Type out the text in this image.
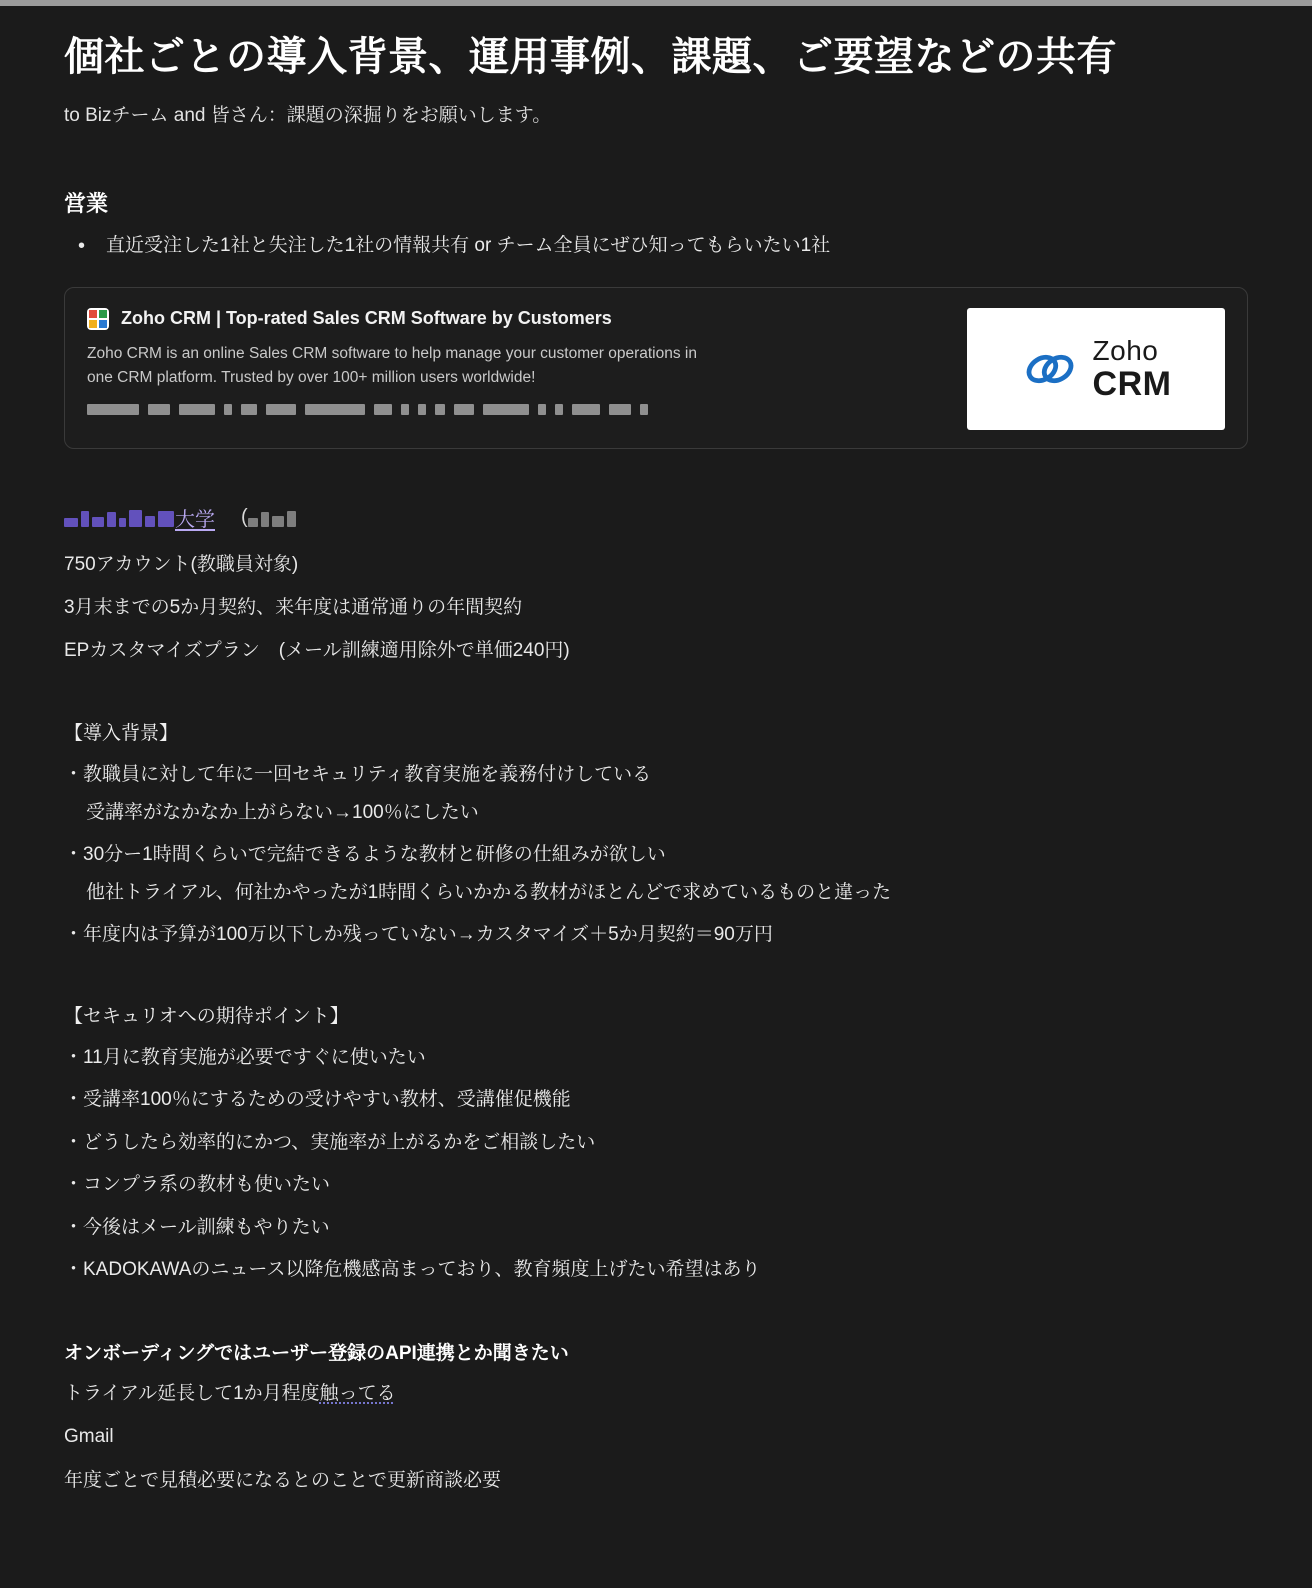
個社ごとの導入背景、運用事例、課題、ご要望などの共有

to Bizチーム and 皆さん：課題の深掘りをお願いします。

営業
• 直近受注した1社と失注した1社の情報共有 or チーム全員にぜひ知ってもらいたい1社
Zoho CRM | Top-rated Sales CRM Software by Customers
Zoho CRM is an online Sales CRM software to help manage your customer operations in one CRM platform. Trusted by over 100+ million users worldwide!
Zoho
CRM
大学 (

750アカウント(教職員対象)

3月末までの5か月契約、来年度は通常通りの年間契約

EPカスタマイズプラン　(メール訓練適用除外で単価240円)

【導入背景】
・教職員に対して年に一回セキュリティ教育実施を義務付けしている
受講率がなかなか上がらない→100％にしたい
・30分ー1時間くらいで完結できるような教材と研修の仕組みが欲しい
他社トライアル、何社かやったが1時間くらいかかる教材がほとんどで求めているものと違った
・年度内は予算が100万以下しか残っていない→カスタマイズ＋5か月契約＝90万円
【セキュリオへの期待ポイント】
・11月に教育実施が必要ですぐに使いたい
・受講率100％にするための受けやすい教材、受講催促機能
・どうしたら効率的にかつ、実施率が上がるかをご相談したい
・コンプラ系の教材も使いたい
・今後はメール訓練もやりたい
・KADOKAWAのニュース以降危機感高まっており、教育頻度上げたい希望はあり

オンボーディングではユーザー登録のAPI連携とか聞きたい

トライアル延長して1か月程度触ってる

Gmail

年度ごとで見積必要になるとのことで更新商談必要
